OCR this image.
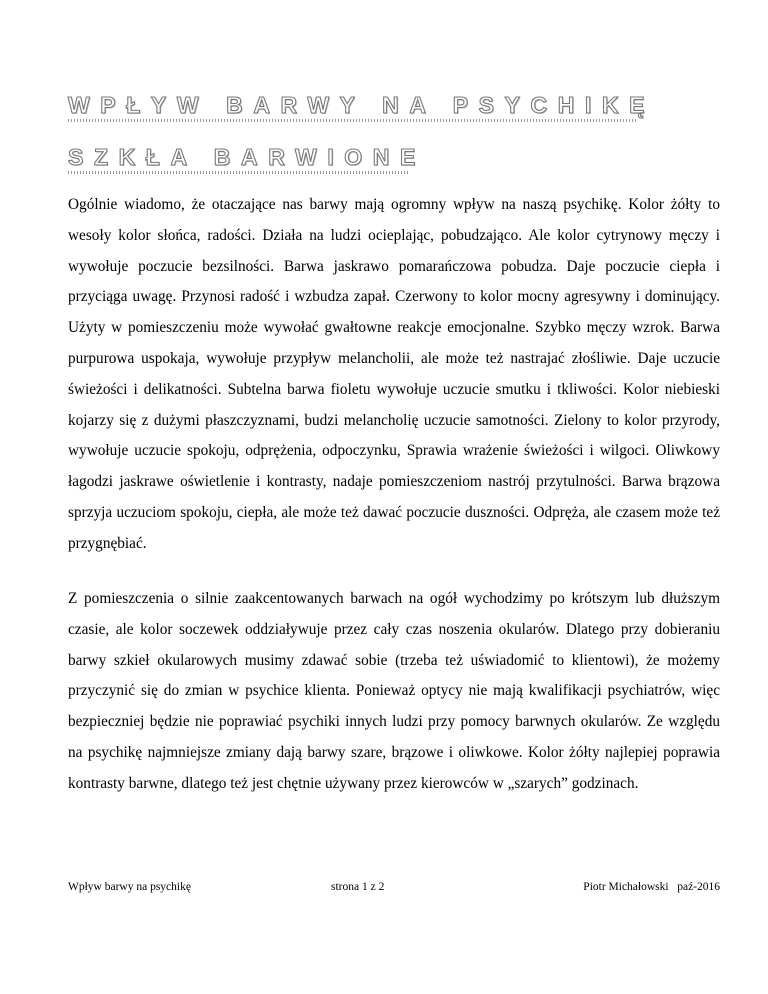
WPŁYW BARWY NA PSYCHIKĘ
SZKŁA BARWIONE

Ogólnie wiadomo, że otaczające nas barwy mają ogromny wpływ na naszą psychikę. Kolor żółty to wesoły kolor słońca, radości. Działa na ludzi ocieplając, pobudzająco. Ale kolor cytrynowy męczy i wywołuje poczucie bezsilności. Barwa jaskrawo pomarańczowa pobudza. Daje poczucie ciepła i przyciąga uwagę. Przynosi radość i wzbudza zapał. Czerwony to kolor mocny agresywny i dominujący. Użyty w pomieszczeniu może wywołać gwałtowne reakcje emocjonalne. Szybko męczy wzrok. Barwa purpurowa uspokaja, wywołuje przypływ melancholii, ale może też nastrajać złośliwie. Daje uczucie świeżości i delikatności. Subtelna barwa fioletu wywołuje uczucie smutku i tkliwości. Kolor niebieski kojarzy się z dużymi płaszczyznami, budzi melancholię uczucie samotności. Zielony to kolor przyrody, wywołuje uczucie spokoju, odprężenia, odpoczynku, Sprawia wrażenie świeżości i wilgoci. Oliwkowy łagodzi jaskrawe oświetlenie i kontrasty, nadaje pomieszczeniom nastrój przytulności. Barwa brązowa sprzyja uczuciom spokoju, ciepła, ale może też dawać poczucie duszności. Odpręża, ale czasem może też przygnębiać.

Z pomieszczenia o silnie zaakcentowanych barwach na ogół wychodzimy po krótszym lub dłuższym czasie, ale kolor soczewek oddziaływuje przez cały czas noszenia okularów. Dlatego przy dobieraniu barwy szkieł okularowych musimy zdawać sobie (trzeba też uświadomić to klientowi), że możemy przyczynić się do zmian w psychice klienta. Ponieważ optycy nie mają kwalifikacji psychiatrów, więc bezpieczniej będzie nie poprawiać psychiki innych ludzi przy pomocy barwnych okularów. Ze względu na psychikę najmniejsze zmiany dają barwy szare, brązowe i oliwkowe. Kolor żółty najlepiej poprawia kontrasty barwne, dlatego też jest chętnie używany przez kierowców w „szarych” godzinach.

Wpływ barwy na psychikę	strona 1 z 2	Piotr Michałowski   paź-2016
